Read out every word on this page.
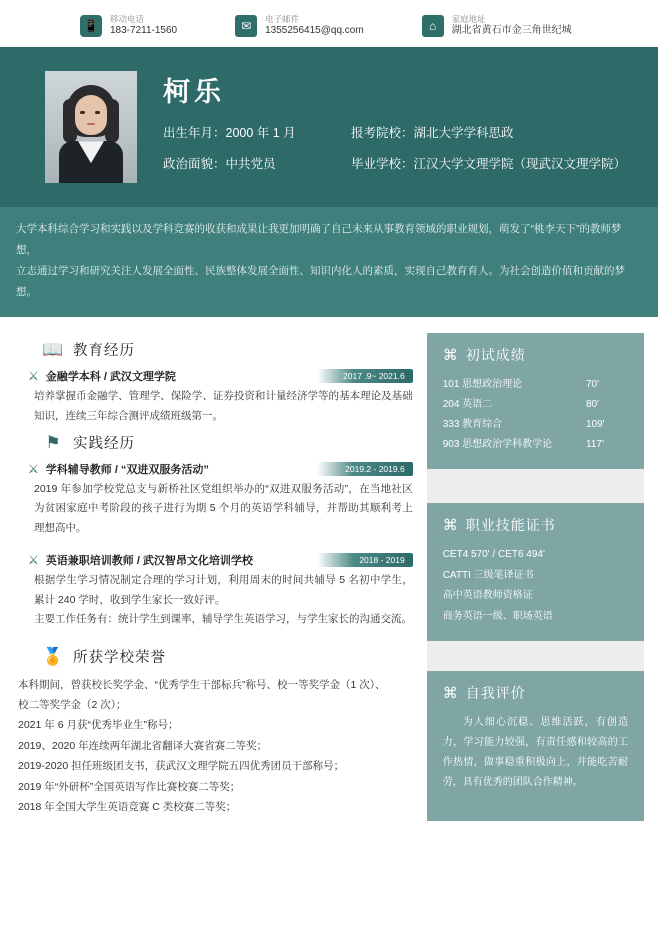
📱	移动电话
183-7211-1560	✉	电子邮件
1355256415@qq.com	⌂	家庭地址
湖北省黄石市金三角世纪城
柯乐
出生年月：2000 年 1 月	报考院校：湖北大学学科思政
政治面貌：中共党员	毕业学校：江汉大学文理学院（现武汉文理学院）

大学本科综合学习和实践以及学科竞赛的收获和成果让我更加明确了自己未来从事教育领域的职业规划，萌发了“桃李天下”的教师梦想，

立志通过学习和研究关注人发展全面性、民族整体发展全面性、知识内化人的素质，实现自己教育育人。为社会创造价值和贡献的梦想。

📖 教育经历
⚔ 金融学本科 / 武汉文理学院	2017 .9~ 2021.6

培养掌握币金融学、管理学、保险学、证券投资和计量经济学等的基本理论及基础知识，连续三年综合测评成绩班级第一。

⚑ 实践经历
⚔ 学科辅导教师 / “双进双服务活动”	2019.2 - 2019.6

2019 年参加学校党总支与新桥社区党组织举办的“双进双服务活动”，在当地社区为贫困家庭中考阶段的孩子进行为期 5 个月的英语学科辅导，并帮助其顺利考上理想高中。

⚔ 英语兼职培训教师 / 武汉智昂文化培训学校	2018 - 2019

根据学生学习情况制定合理的学习计划，利用周末的时间共辅导 5 名初中学生，累计 240 学时，收到学生家长一致好评。

主要工作任务有：统计学生到课率，辅导学生英语学习，与学生家长的沟通交流。

🏅 所获学校荣誉

本科期间，曾获校长奖学金、“优秀学生干部标兵”称号、校一等奖学金（1 次）、

校二等奖学金（2 次）；

2021 年 6 月获“优秀毕业生”称号；

2019、2020 年连续两年湖北省翻译大赛省赛二等奖；

2019-2020 担任班级团支书，获武汉文理学院五四优秀团员干部称号；

2019 年“外研杯”全国英语写作比赛校赛二等奖；

2018 年全国大学生英语竞赛 C 类校赛二等奖；

⌘ 初试成绩
101 思想政治理论	70'
204 英语二	80'
333 教育综合	109'
903 思想政治学科教学论	117'
⌘ 职业技能证书
CET4 570' / CET6 494'
CATTI 三级笔译证书
高中英语教师资格证
商务英语一级、职场英语
⌘ 自我评价
为人细心沉稳、思维活跃，有创造力，学习能力较强，有责任感和较高的工作热情，做事稳重积极向上，并能吃苦耐劳，具有优秀的团队合作精神。
